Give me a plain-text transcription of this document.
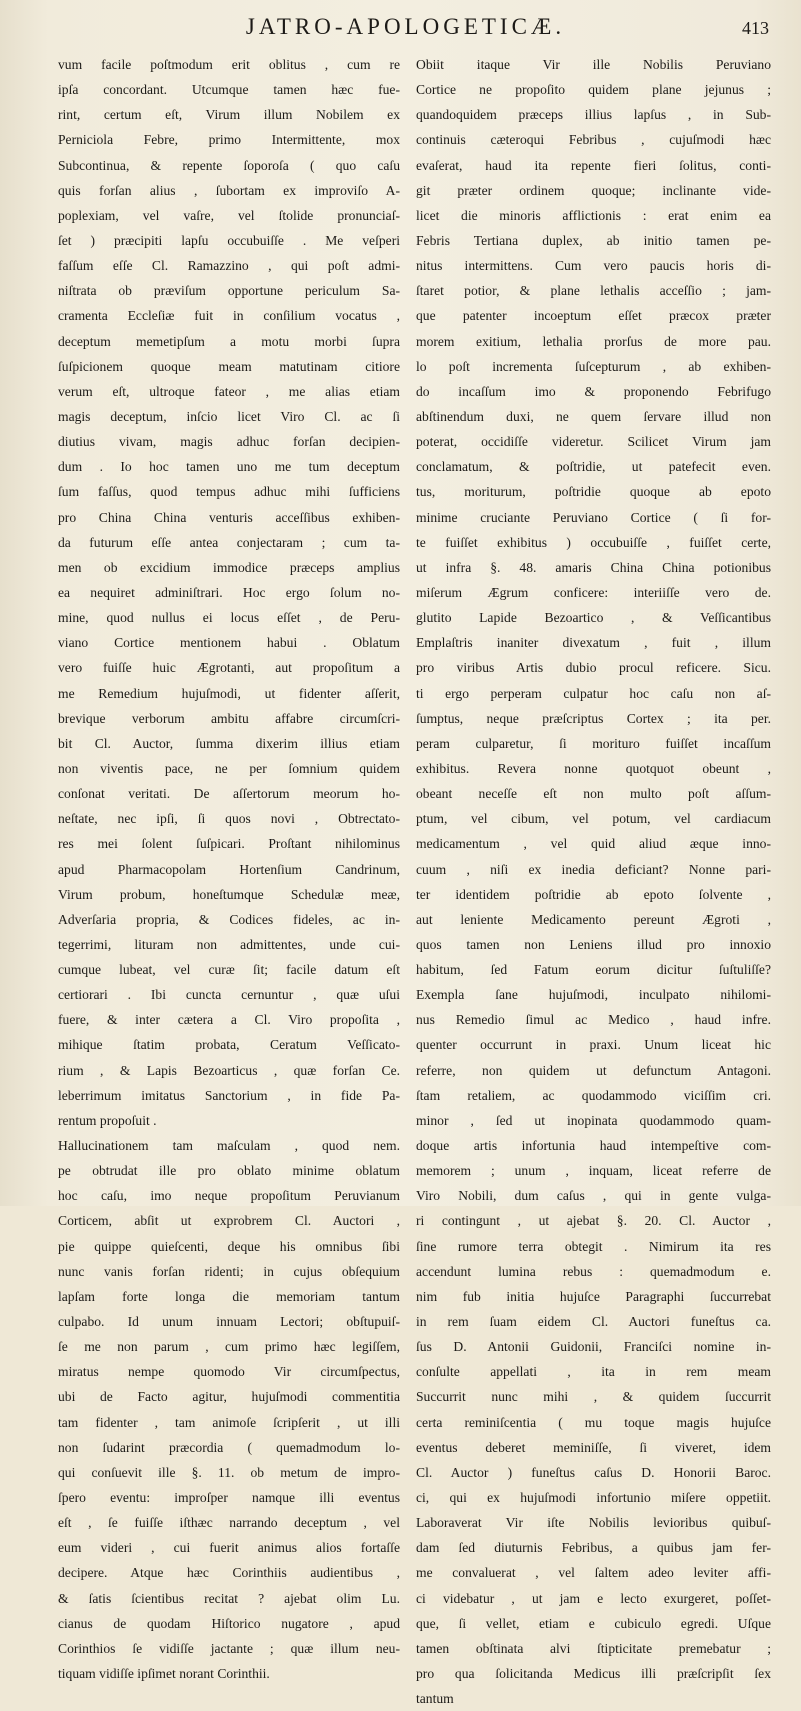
JATRO-APOLOGETICÆ.	413
vum facile poſtmodum erit oblitus , cum re
ipſa concordant. Utcumque tamen hæc fue-
rint, certum eſt, Virum illum Nobilem ex
Perniciola Febre, primo Intermittente, mox
Subcontinua, & repente ſoporoſa ( quo caſu
quis forſan alius , ſubortam ex improviſo A-
poplexiam, vel vaſre, vel ſtolide pronunciaſ-
ſet ) præcipiti lapſu occubuiſſe . Me veſperi
faſſum eſſe Cl. Ramazzino , qui poſt admi-
niſtrata ob præviſum opportune periculum Sa-
cramenta Eccleſiæ fuit in conſilium vocatus ,
deceptum memetipſum a motu morbi ſupra
ſuſpicionem quoque meam matutinam citiore
verum eſt, ultroque fateor , me alias etiam
magis deceptum, inſcio licet Viro Cl. ac ſi
diutius vivam, magis adhuc forſan decipien-
dum . Io hoc tamen uno me tum deceptum
ſum faſſus, quod tempus adhuc mihi ſufficiens
pro China China venturis acceſſibus exhiben-
da futurum eſſe antea conjectaram ; cum ta-
men ob excidium immodice præceps amplius
ea nequiret adminiſtrari. Hoc ergo ſolum no-
mine, quod nullus ei locus eſſet , de Peru-
viano Cortice mentionem habui . Oblatum
vero fuiſſe huic Ægrotanti, aut propoſitum a
me Remedium hujuſmodi, ut fidenter aſſerit,
brevique verborum ambitu affabre circumſcri-
bit Cl. Auctor, ſumma dixerim illius etiam
non viventis pace, ne per ſomnium quidem
conſonat veritati. De aſſertorum meorum ho-
neſtate, nec ipſi, ſi quos novi , Obtrectato-
res mei ſolent ſuſpicari. Proſtant nihilominus
apud Pharmacopolam Hortenſium Candrinum,
Virum probum, honeſtumque Schedulæ meæ,
Adverſaria propria, & Codices fideles, ac in-
tegerrimi, lituram non admittentes, unde cui-
cumque lubeat, vel curæ ſit; facile datum eſt
certiorari . Ibi cuncta cernuntur , quæ uſui
fuere, & inter cætera a Cl. Viro propoſita ,
mihique ſtatim probata, Ceratum Veſſicato-
rium , & Lapis Bezoarticus , quæ forſan Ce.
leberrimum imitatus Sanctorium , in fide Pa-
rentum propoſuit .
Hallucinationem tam maſculam , quod nem.
pe obtrudat ille pro oblato minime oblatum
hoc caſu, imo neque propoſitum Peruvianum
Corticem, abſit ut exprobrem Cl. Auctori ,
pie quippe quieſcenti, deque his omnibus ſibi
nunc vanis forſan ridenti; in cujus obſequium
lapſam forte longa die memoriam tantum
culpabo. Id unum innuam Lectori; obſtupuiſ-
ſe me non parum , cum primo hæc legiſſem,
miratus nempe quomodo Vir circumſpectus,
ubi de Facto agitur, hujuſmodi commentitia
tam fidenter , tam animoſe ſcripſerit , ut illi
non ſudarint præcordia ( quemadmodum lo-
qui conſuevit ille §. 11. ob metum de impro-
ſpero eventu: improſper namque illi eventus
eſt , ſe fuiſſe iſthæc narrando deceptum , vel
eum videri , cui fuerit animus alios fortaſſe
decipere. Atque hæc Corinthiis audientibus ,
& ſatis ſcientibus recitat ? ajebat olim Lu.
cianus de quodam Hiſtorico nugatore , apud
Corinthios ſe vidiſſe jactante ; quæ illum neu-
tiquam vidiſſe ipſimet norant Corinthii.
Obiit itaque Vir ille Nobilis Peruviano
Cortice ne propoſito quidem plane jejunus ;
quandoquidem præceps illius lapſus , in Sub-
continuis cæteroqui Febribus , cujuſmodi hæc
evaſerat, haud ita repente fieri ſolitus, conti-
git præter ordinem quoque; inclinante vide-
licet die minoris afflictionis : erat enim ea
Febris Tertiana duplex, ab initio tamen pe-
nitus intermittens. Cum vero paucis horis di-
ſtaret potior, & plane lethalis acceſſio ; jam-
que patenter incoeptum eſſet præcox præter
morem exitium, lethalia prorſus de more pau.
lo poſt incrementa ſuſcepturum , ab exhiben-
do incaſſum imo & proponendo Febrifugo
abſtinendum duxi, ne quem ſervare illud non
poterat, occidiſſe videretur. Scilicet Virum jam
conclamatum, & poſtridie, ut patefecit even.
tus, moriturum, poſtridie quoque ab epoto
minime cruciante Peruviano Cortice ( ſi for-
te fuiſſet exhibitus ) occubuiſſe , fuiſſet certe,
ut infra §. 48. amaris China China potionibus
miſerum Ægrum conficere: interiiſſe vero de.
glutito Lapide Bezoartico , & Veſſicantibus
Emplaſtris inaniter divexatum , fuit , illum
pro viribus Artis dubio procul reficere. Sicu.
ti ergo perperam culpatur hoc caſu non aſ-
ſumptus, neque præſcriptus Cortex ; ita per.
peram culparetur, ſi morituro fuiſſet incaſſum
exhibitus. Revera nonne quotquot obeunt ,
obeant neceſſe eſt non multo poſt aſſum-
ptum, vel cibum, vel potum, vel cardiacum
medicamentum , vel quid aliud æque inno-
cuum , niſi ex inedia deficiant? Nonne pari-
ter identidem poſtridie ab epoto ſolvente ,
aut leniente Medicamento pereunt Ægroti ,
quos tamen non Leniens illud pro innoxio
habitum, ſed Fatum eorum dicitur ſuſtuliſſe?
Exempla ſane hujuſmodi, inculpato nihilomi-
nus Remedio ſimul ac Medico , haud infre.
quenter occurrunt in praxi. Unum liceat hic
referre, non quidem ut defunctum Antagoni.
ſtam retaliem, ac quodammodo viciſſim cri.
minor , ſed ut inopinata quodammodo quam-
doque artis infortunia haud intempeſtive com-
memorem ; unum , inquam, liceat referre de
Viro Nobili, dum caſus , qui in gente vulga-
ri contingunt , ut ajebat §. 20. Cl. Auctor ,
ſine rumore terra obtegit . Nimirum ita res
accendunt lumina rebus : quemadmodum e.
nim fub initia hujuſce Paragraphi ſuccurrebat
in rem ſuam eidem Cl. Auctori funeſtus ca.
ſus D. Antonii Guidonii, Franciſci nomine in-
conſulte appellati , ita in rem meam
Succurrit nunc mihi , & quidem ſuccurrit
certa reminiſcentia ( mu toque magis hujuſce
eventus deberet meminiſſe, ſi viveret, idem
Cl. Auctor ) funeſtus caſus D. Honorii Baroc.
ci, qui ex hujuſmodi infortunio miſere oppetiit.
Laboraverat Vir iſte Nobilis levioribus quibuſ-
dam ſed diuturnis Febribus, a quibus jam fer-
me convaluerat , vel ſaltem adeo leviter affi-
ci videbatur , ut jam e lecto exurgeret, poſſet-
que, ſi vellet, etiam e cubiculo egredi. Uſque
tamen obſtinata alvi ſtipticitate premebatur ;
pro qua ſolicitanda Medicus illi præſcripſit ſex
tantum
